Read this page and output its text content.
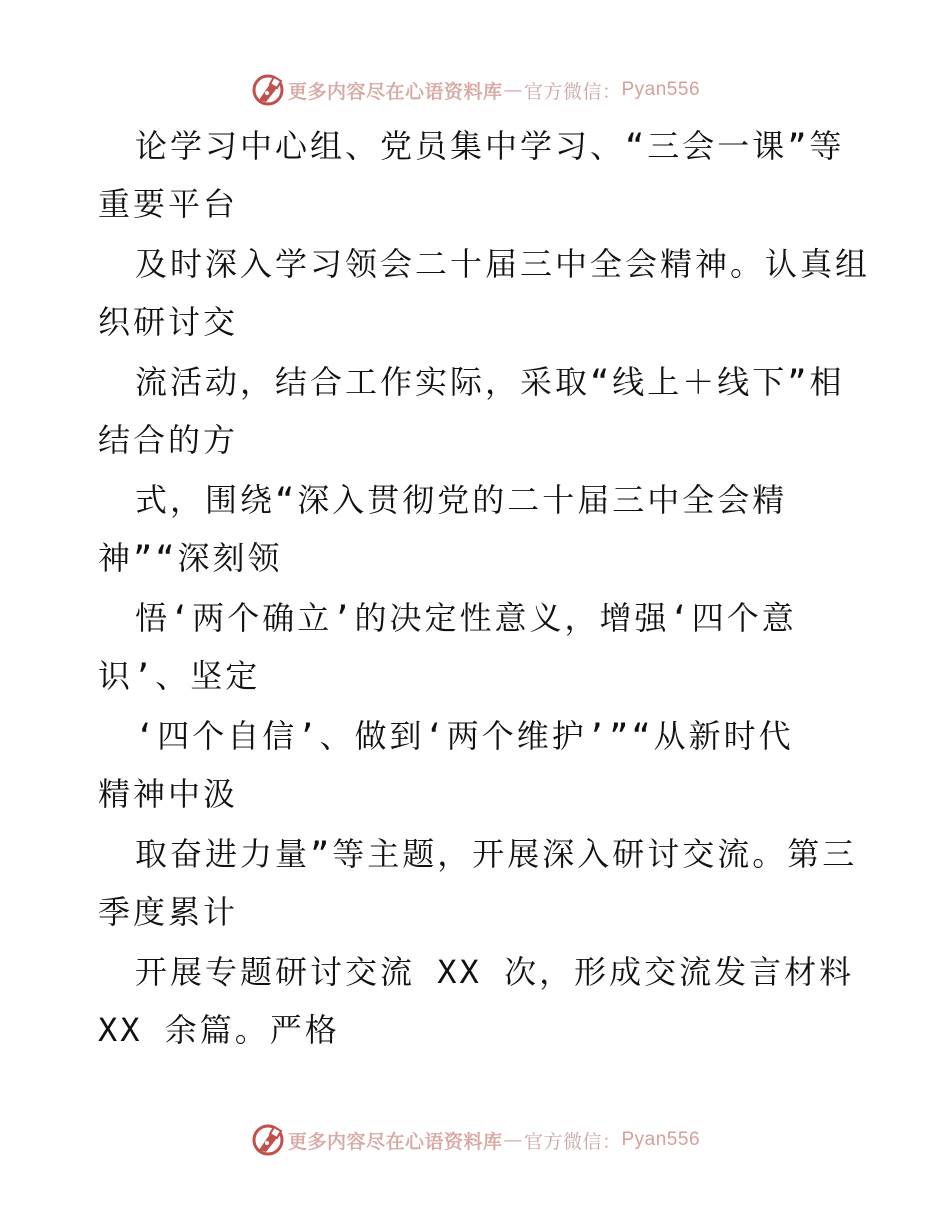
更多内容尽在心语资料库 — 官方微信： Pyan556
论学习中心组、党员集中学习、“三会一课”等
重要平台
及时深入学习领会二十届三中全会精神。认真组
织研讨交
流活动，结合工作实际，采取“线上＋线下”相
结合的方
式，围绕“深入贯彻党的二十届三中全会精
神”“深刻领
悟‘两个确立’的决定性意义，增强‘四个意
识’、坚定
‘四个自信’、做到‘两个维护’”“从新时代
精神中汲
取奋进力量”等主题，开展深入研讨交流。第三
季度累计
开展专题研讨交流 XX 次，形成交流发言材料
XX 余篇。严格
更多内容尽在心语资料库 — 官方微信： Pyan556
